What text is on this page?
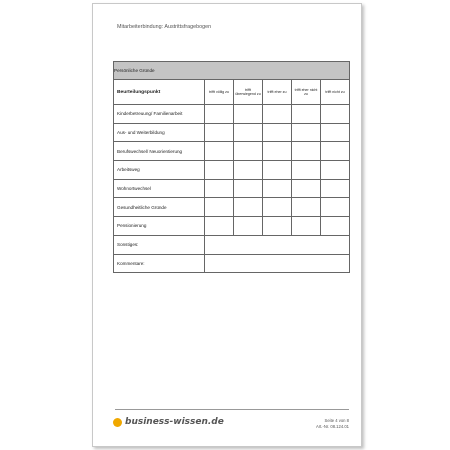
Mitarbeiterbindung: Austrittsfragebogen
Persönliche Gründe					
Beurteilungspunkt	trifft völlig zu	trifft überwiegend zu	trifft eher zu	trifft eher nicht zu	trifft nicht zu
Kinderbetreuung/ Familienarbeit					
Aus- und Weiterbildung					
Berufswechsel/ Neuorientierung					
Arbeitsweg					
Wohnortwechsel					
Gesundheitliche Gründe					
Pensionierung					
Sonstiges:					
Kommentare:					
business-wissen.de	Seite 4 von 8
Art.-Nr. 08.124.01
